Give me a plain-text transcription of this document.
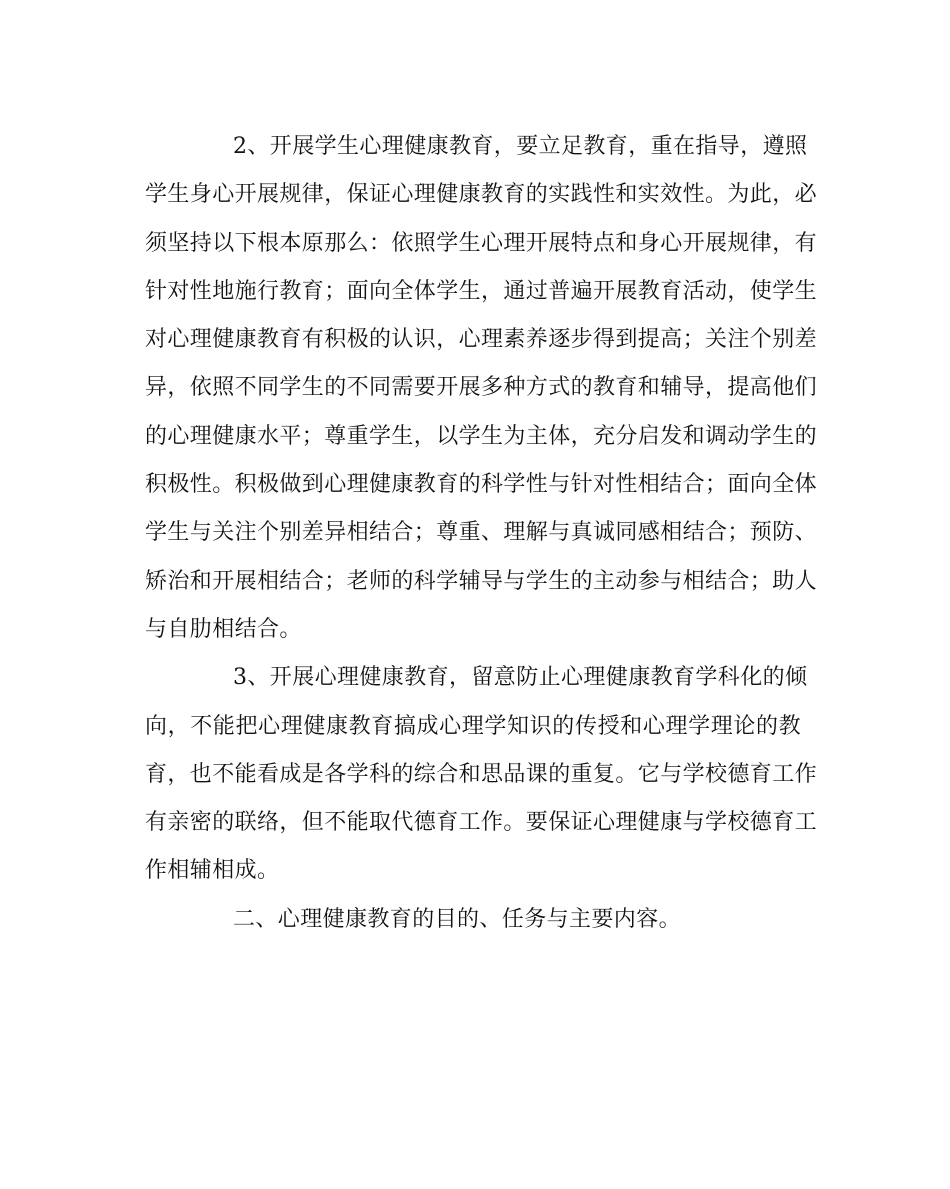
2、开展学生心理健康教育，要立足教育，重在指导，遵照
学生身心开展规律，保证心理健康教育的实践性和实效性。为此，必
须坚持以下根本原那么：依照学生心理开展特点和身心开展规律，有
针对性地施行教育；面向全体学生，通过普遍开展教育活动，使学生
对心理健康教育有积极的认识，心理素养逐步得到提高；关注个别差
异，依照不同学生的不同需要开展多种方式的教育和辅导，提高他们
的心理健康水平；尊重学生，以学生为主体，充分启发和调动学生的
积极性。积极做到心理健康教育的科学性与针对性相结合；面向全体
学生与关注个别差异相结合；尊重、理解与真诚同感相结合；预防、
矫治和开展相结合；老师的科学辅导与学生的主动参与相结合；助人
与自肋相结合。

3、开展心理健康教育，留意防止心理健康教育学科化的倾
向，不能把心理健康教育搞成心理学知识的传授和心理学理论的教
育，也不能看成是各学科的综合和思品课的重复。它与学校德育工作
有亲密的联络，但不能取代德育工作。要保证心理健康与学校德育工
作相辅相成。

二、心理健康教育的目的、任务与主要内容。
